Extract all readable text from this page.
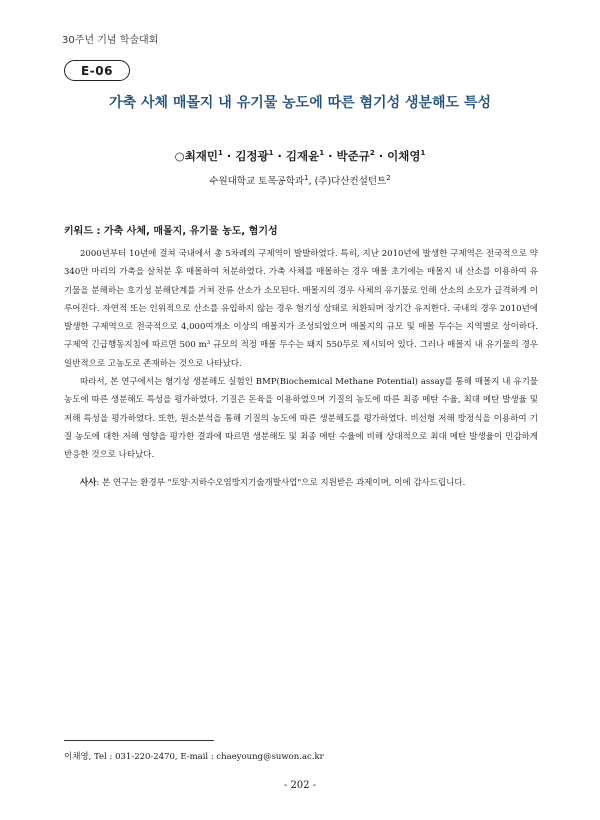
30주년 기념 학술대회
E-06
가축 사체 매몰지 내 유기물 농도에 따른 혐기성 생분해도 특성
○최재민$^1$ · 김정광$^1$ · 김재윤$^1$ · 박준규$^2$ · 이채영$^1$
수원대학교 토목공학과$^1$, (주)다산컨설턴트$^2$
키워드 : 가축 사체, 매몰지, 유기물 농도, 혐기성

2000년부터 10년에 걸쳐 국내에서 총 5차례의 구제역이 발발하였다. 특히, 지난 2010년에 발생한 구제역은 전국적으로 약 340만 마리의 가축을 살처분 후 매몰하여 처분하였다. 가축 사체를 매몰하는 경우 매몰 초기에는 매몰지 내 산소를 이용하여 유기물을 분해하는 호기성 분해단계를 거쳐 잔류 산소가 소모된다. 매몰지의 경우 사체의 유기물로 인해 산소의 소모가 급격하게 이루어진다. 자연적 또는 인위적으로 산소를 유입하지 않는 경우 혐기성 상태로 치환되며 장기간 유지한다. 국내의 경우 2010년에 발생한 구제역으로 전국적으로 4,000여개소 이상의 매몰지가 조성되었으며 매몰지의 규모 및 매몰 두수는 지역별로 상이하다. 구제역 긴급행동지침에 따르면 500 m³ 규모의 적정 매몰 두수는 돼지 550두로 제시되어 있다. 그러나 매몰지 내 유기물의 경우 일반적으로 고농도로 존재하는 것으로 나타났다.

따라서, 본 연구에서는 혐기성 생분해도 실험인 BMP(Biochemical Methane Potential) assay를 통해 매몰지 내 유기물 농도에 따른 생분해도 특성을 평가하였다. 기질은 돈육을 이용하였으며 기질의 농도에 따른 최종 메탄 수율, 최대 메탄 발생율 및 저해 특성을 평가하였다. 또한, 원소분석을 통해 기질의 농도에 따른 생분해도를 평가하였다. 비선형 저해 방정식을 이용하여 기질 농도에 대한 저해 영향을 평가한 결과에 따르면 생분해도 및 최종 메탄 수율에 비해 상대적으로 최대 메탄 발생율이 민감하게 반응한 것으로 나타났다.

사사: 본 연구는 환경부 "토양·지하수오염방지기술개발사업"으로 지원받은 과제이며, 이에 감사드립니다.
이채영, Tel : 031-220-2470, E-mail : chaeyoung@suwon.ac.kr
- 202 -
